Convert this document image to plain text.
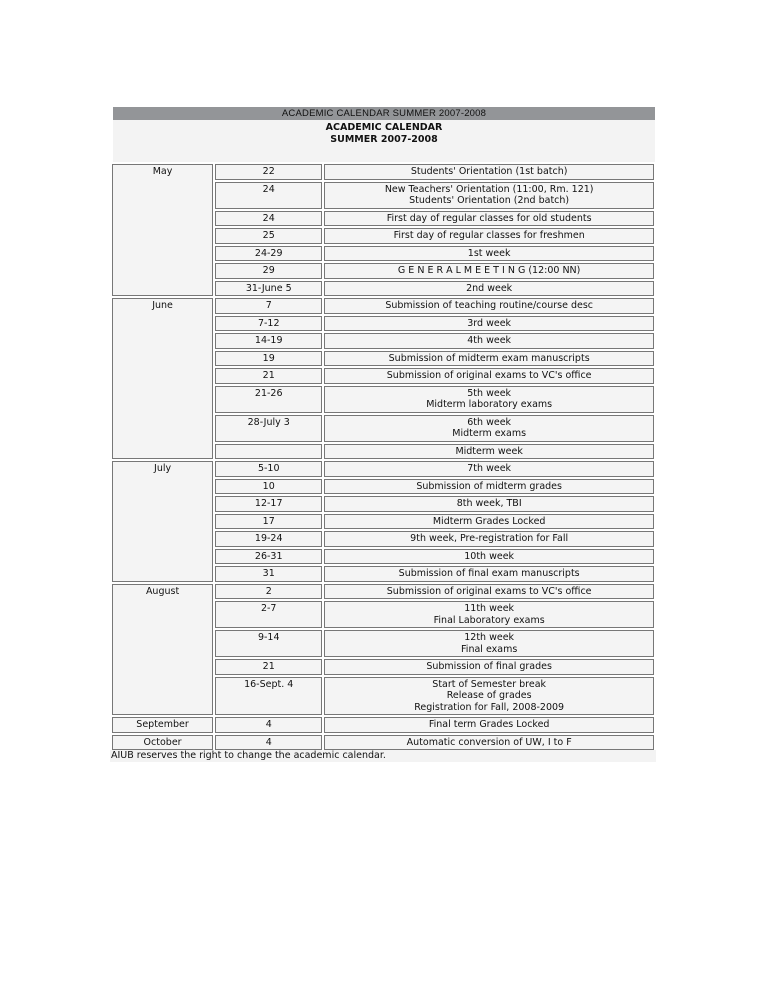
ACADEMIC CALENDAR SUMMER 2007-2008
ACADEMIC CALENDAR
SUMMER 2007-2008
May	22	Students' Orientation (1st batch)

	24	New Teachers' Orientation (11:00, Rm. 121)
Students' Orientation (2nd batch)

	24	First day of regular classes for old students

	25	First day of regular classes for freshmen

	24-29	1st week

	29	G E N E R A L M E E T I N G (12:00 NN)

	31-June 5	2nd week

June	7	Submission of teaching routine/course desc

	7-12	3rd week

	14-19	4th week

	19	Submission of midterm exam manuscripts

	21	Submission of original exams to VC's office

	21-26	5th week
Midterm laboratory exams

	28-July 3	6th week
Midterm exams

		Midterm week

July	5-10	7th week

	10	Submission of midterm grades

	12-17	8th week, TBI

	17	Midterm Grades Locked

	19-24	9th week, Pre-registration for Fall

	26-31	10th week

	31	Submission of final exam manuscripts

August	2	Submission of original exams to VC's office

	2-7	11th week
Final Laboratory exams

	9-14	12th week
Final exams

	21	Submission of final grades

	16-Sept. 4	Start of Semester break
Release of grades
Registration for Fall, 2008-2009

September	4	Final term Grades Locked

October	4	Automatic conversion of UW, I to F
AIUB reserves the right to change the academic calendar.
